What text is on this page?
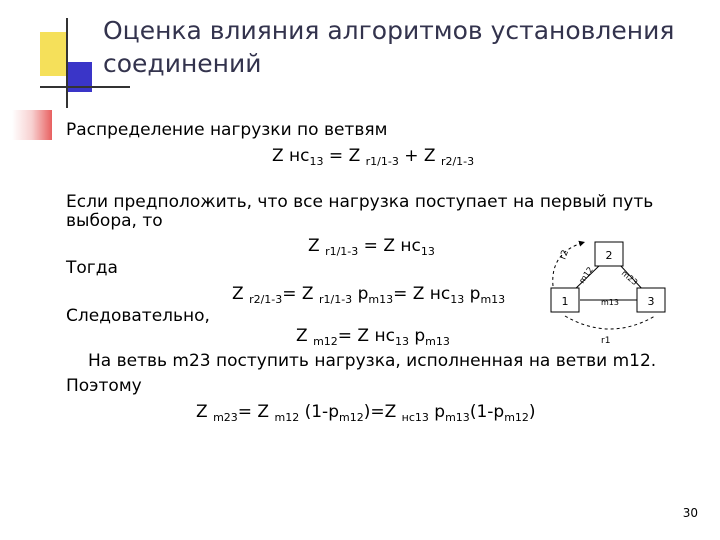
Оценка влияния алгоритмов установления соединений
Распределение нагрузки по ветвям
Z $нс_{13} = Z$ $_{r1/1-3}$ + Z $_{r2/1-3}$
Если предположить, что все нагрузка поступает на первый путь
выбора, то
Z $_{r1/1-3}$ = Z $нс_{13}$
Тогда
Z $_{r2/1-3}$= Z $_{r1/1-3}$ $p_{m13}= Z$ $нс_{13}$ $p_{m13}$
Следовательно,
Z $_{m12}$= Z $нс_{13}$ $p_{m13}$
На ветвь m23 поступить нагрузка, исполненная на ветви m12.
Поэтому
Z $_{m23}$= Z $_{m12}$ $(1-p_{m12})=Z$ $_{нс13}$ $p_{m13}(1-p_{m12})$
1
2
3
r2
m12	m23
m13
r1
30
